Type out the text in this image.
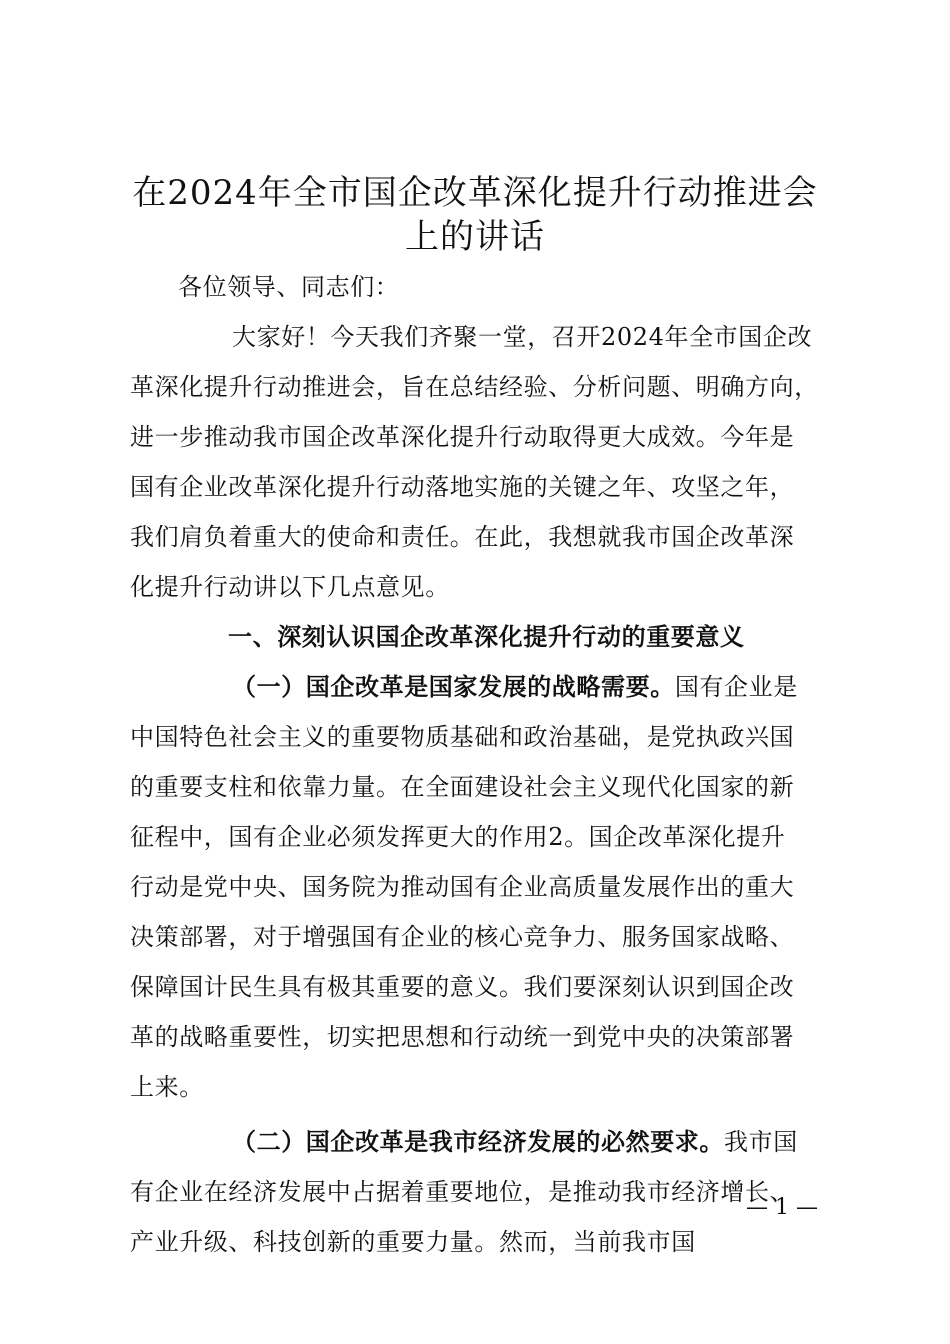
在2024年全市国企改革深化提升行动推进会
上的讲话
各位领导、同志们：
大家好！今天我们齐聚一堂，召开2024年全市国企改
革深化提升行动推进会，旨在总结经验、分析问题、明确方向，
进一步推动我市国企改革深化提升行动取得更大成效。今年是
国有企业改革深化提升行动落地实施的关键之年、攻坚之年，
我们肩负着重大的使命和责任。在此，我想就我市国企改革深
化提升行动讲以下几点意见。
一、深刻认识国企改革深化提升行动的重要意义
（一）国企改革是国家发展的战略需要。国有企业是
中国特色社会主义的重要物质基础和政治基础，是党执政兴国
的重要支柱和依靠力量。在全面建设社会主义现代化国家的新
征程中，国有企业必须发挥更大的作用2。国企改革深化提升
行动是党中央、国务院为推动国有企业高质量发展作出的重大
决策部署，对于增强国有企业的核心竞争力、服务国家战略、
保障国计民生具有极其重要的意义。我们要深刻认识到国企改
革的战略重要性，切实把思想和行动统一到党中央的决策部署
上来。
（二）国企改革是我市经济发展的必然要求。我市国
有企业在经济发展中占据着重要地位，是推动我市经济增长、
产业升级、科技创新的重要力量。然而，当前我市国
— 1 —
